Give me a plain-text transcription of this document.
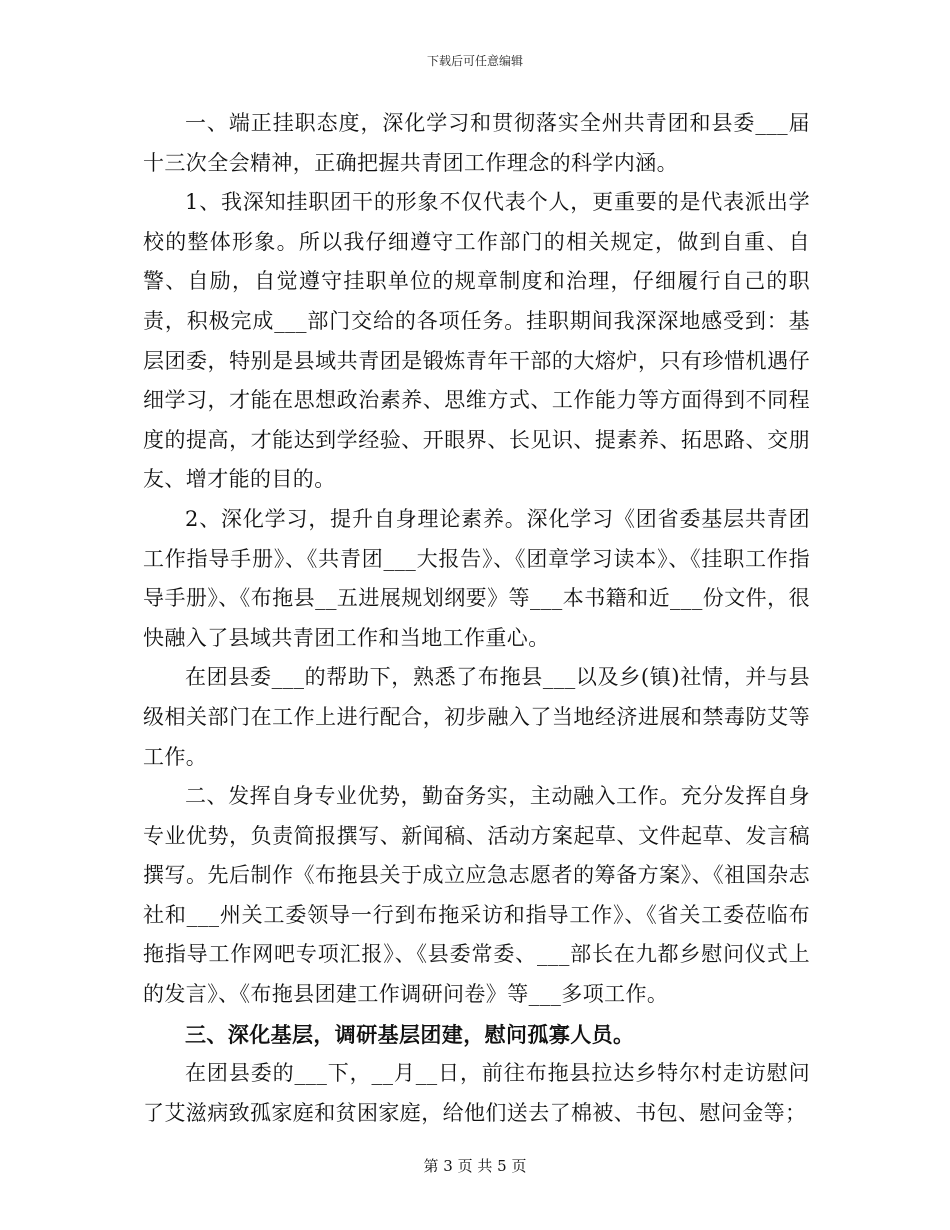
下载后可任意编辑

一、端正挂职态度，深化学习和贯彻落实全州共青团和县委___届十三次全会精神，正确把握共青团工作理念的科学内涵。

1、我深知挂职团干的形象不仅代表个人，更重要的是代表派出学校的整体形象。所以我仔细遵守工作部门的相关规定，做到自重、自警、自励，自觉遵守挂职单位的规章制度和治理，仔细履行自己的职责，积极完成___部门交给的各项任务。挂职期间我深深地感受到：基层团委，特别是县域共青团是锻炼青年干部的大熔炉，只有珍惜机遇仔细学习，才能在思想政治素养、思维方式、工作能力等方面得到不同程度的提高，才能达到学经验、开眼界、长见识、提素养、拓思路、交朋友、增才能的目的。

2、深化学习，提升自身理论素养。深化学习《团省委基层共青团工作指导手册》、《共青团___大报告》、《团章学习读本》、《挂职工作指导手册》、《布拖县__五进展规划纲要》等___本书籍和近___份文件，很快融入了县域共青团工作和当地工作重心。

在团县委___的帮助下，熟悉了布拖县___以及乡(镇)社情，并与县级相关部门在工作上进行配合，初步融入了当地经济进展和禁毒防艾等工作。

二、发挥自身专业优势，勤奋务实，主动融入工作。充分发挥自身专业优势，负责简报撰写、新闻稿、活动方案起草、文件起草、发言稿撰写。先后制作《布拖县关于成立应急志愿者的筹备方案》、《祖国杂志社和___州关工委领导一行到布拖采访和指导工作》、《省关工委莅临布拖指导工作网吧专项汇报》、《县委常委、___部长在九都乡慰问仪式上的发言》、《布拖县团建工作调研问卷》等___多项工作。

三、深化基层，调研基层团建，慰问孤寡人员。

在团县委的___下，__月__日，前往布拖县拉达乡特尔村走访慰问了艾滋病致孤家庭和贫困家庭，给他们送去了棉被、书包、慰问金等；

第 3 页 共 5 页
